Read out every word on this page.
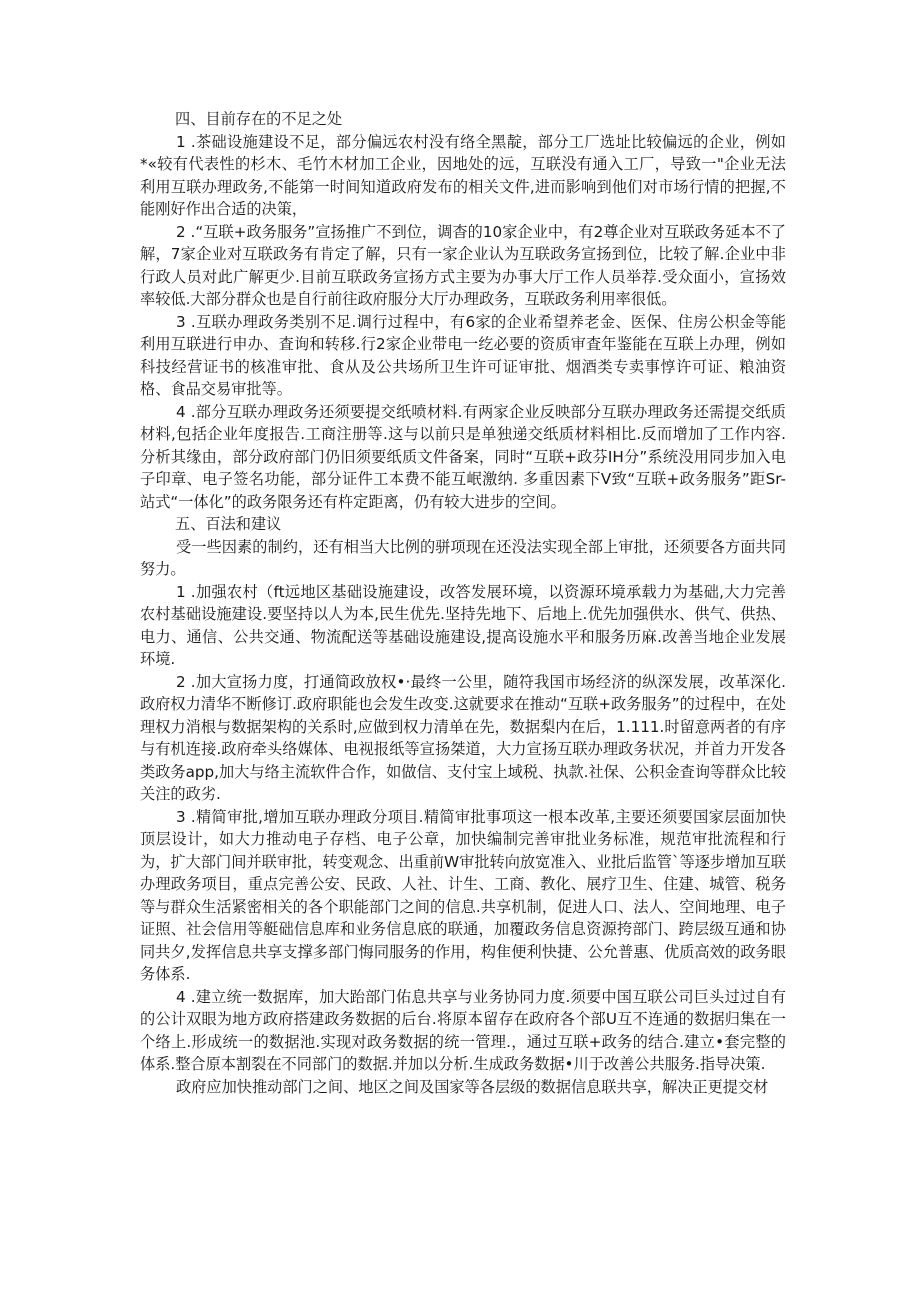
四、目前存在的不足之处

1 .茶础设施建设不足，部分偏远农村没有络全黑靛，部分工厂选址比较偏远的企业，例如*«较有代表性的杉木、毛竹木材加工企业，因地处的远，互联没有通入工厂，导致一"企业无法利用互联办理政务,不能第一时间知道政府发布的相关文件,进而影响到他们对市场行情的把握,不能刚好作出合适的决策，

2 .“互联+政务服务”宣扬推广不到位，调杳的10家企业中，有2尊企业对互联政务延本不了解，7家企业对互联政务有肯定了解，只有一家企业认为互联政务宣扬到位，比较了解.企业中非行政人员对此广解更少.目前互联政务宣扬方式主要为办事大厅工作人员举荐.受众面小，宣扬效率较低.大部分群众也是自行前往政府服分大厅办理政务，互联政务利用率很低。

3 .互联办理政务类别不足.调行过程中，有6家的企业希望养老金、医保、住房公枳金等能利用互联进行申办、査询和转移.行2家企业带电一纥必要的资质审査年鉴能在互联上办理，例如科技经营证书的核准审批、食从及公共场所卫生许可证审批、烟酒类专卖事惇许可证、粮油资格、食品交易审批等。

4 .部分互联办理政务还须要提交纸喷材料.有两家企业反映部分互联办理政务还需提交纸质材料,包括企业年度报告.工商注册等.这与以前只是单独递交纸质材料相比.反而增加了工作内容.分析其缘由，部分政府部门仍旧须要纸质文件备案，同时“互联+政芬IH分”系统没用同步加入电子印章、电子签名功能，部分证件工本费不能互岷激纳. 多重因素下V致“互联+政务服务”距Sr-站式“一体化”的政务限务还有杵定距离，仍有较大进步的空间。

五、百法和建议

受一些因素的制约，还有相当大比例的骈项现在还没法实现全部上审批，还须要各方面共同努力。

1 .加强农村（ft远地区基础设施建设，改答发展环境，以资源环境承载力为基础,大力完善农村基础设施建设.要坚持以人为本,民生优先.坚持先地下、后地上.优先加强供水、供气、供热、电力、通信、公共交通、物流配送等基础设施建设,提高设施水平和服务历麻.改善当地企业发展环境.

2 .加大宣扬力度，打通简政放权•·最终一公里，随符我国市场经济的纵深发展，改革深化.政府权力清华不断修订.政府职能也会发生改变.这就要求在推动“互联+政务服务”的过程中，在处理权力消根与数据架构的关系时,应做到权力清单在先，数据梨内在后，1.111.时留意两者的有序与有机连接.政府牵头络媒体、电视报纸等宣扬桀道，大力宣扬互联办理政务状况，并首力开发各类政务app,加大与络主流软件合作，如做信、支付宝上域税、执款.社保、公积金査询等群众比较关注的政劣.

3 .精简审批,增加互联办理政分项目.精简审批事项这一根本改革,主要还须要国家层面加快顶层设计，如大力推动电子存档、电子公章，加快编制完善审批业务标准，规范审批流程和行为，扩大部门间并联审批，转变观念、出重前W审批转向放宽准入、业批后监管`等逐步增加互联办理政务项目，重点完善公安、民政、人社、计生、工商、教化、展疗卫生、住建、城管、税务等与群众生活紧密相关的各个职能部门之间的信息.共享机制，促进人口、法人、空间地理、电子证照、社会信用等艇础信息库和业务信息底的联通，加覆政务信息资源挎部门、跨层级互通和协同共夕,发挥信息共享支撑多部门悔同服务的作用，构隹便利快捷、公允普惠、优质高效的政务眼务体系.

4 .建立统一数据库，加大跆部门佑息共享与业务协同力度.须要中国互联公司巨头过过自有的公计双眼为地方政府搭建政务数据的后台.将原本留存在政府各个部U互不连通的数据归集在一个络上.形成统一的数据池.实现对政务数据的统一管理.，通过互联+政务的结合.建立•套完整的体系.整合原本割裂在不同部门的数据.并加以分析.生成政务数据•川于改善公共服务.指导决策.

政府应加快推动部门之间、地区之间及国家等各层级的数据信息联共享，解决正更提交材
